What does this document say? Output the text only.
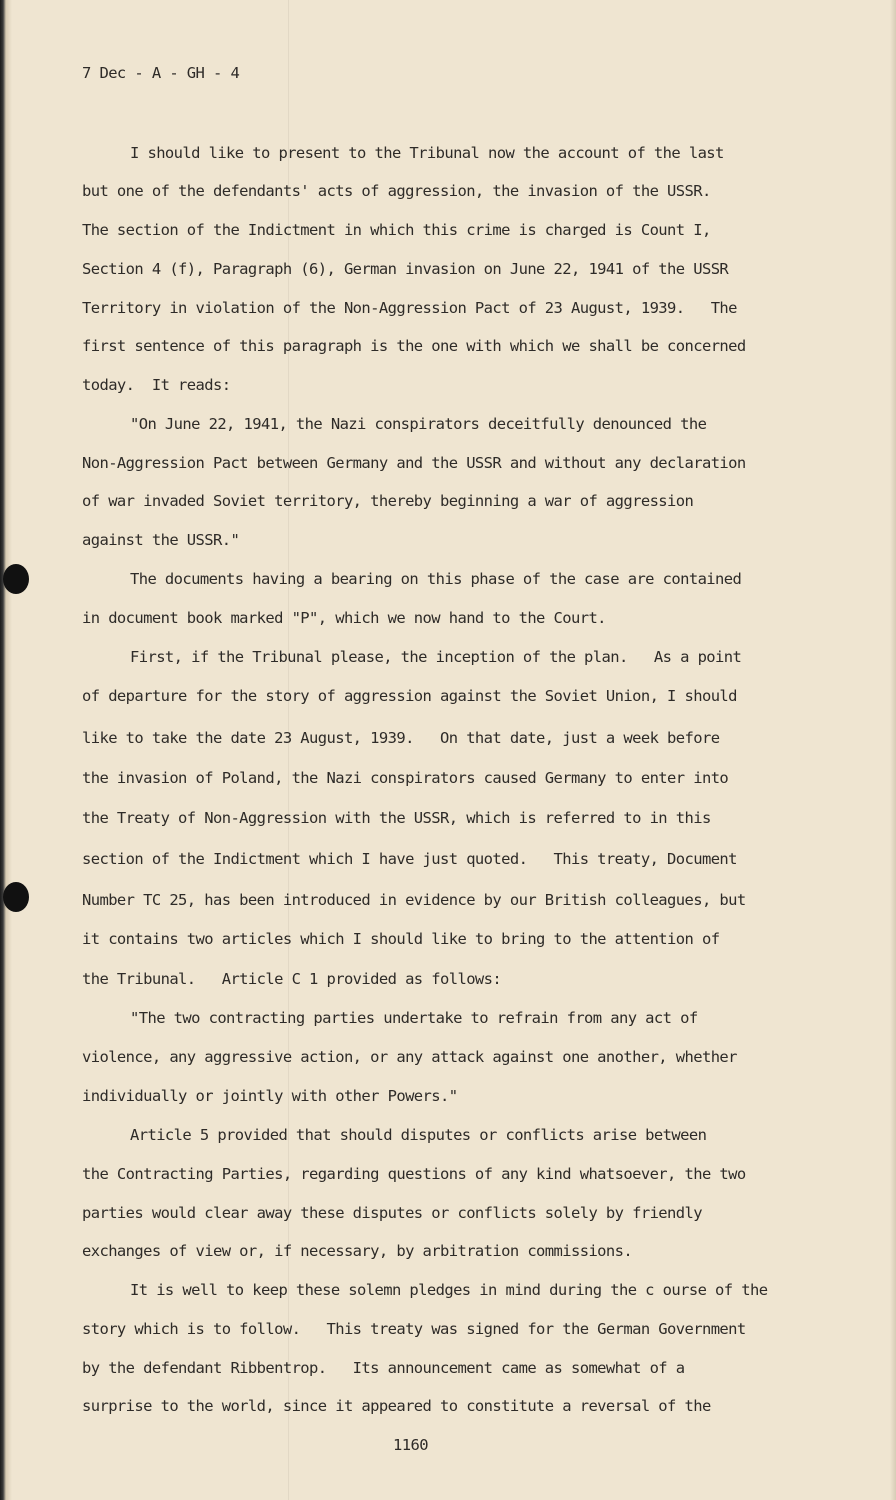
7 Dec - A - GH - 4

I should like to present to the Tribunal now the account of the last

but one of the defendants' acts of aggression, the invasion of the USSR.

The section of the Indictment in which this crime is charged is Count I,

Section 4 (f), Paragraph (6), German invasion on June 22, 1941 of the USSR

Territory in violation of the Non-Aggression Pact of 23 August, 1939.   The

first sentence of this paragraph is the one with which we shall be concerned

today.  It reads:

"On June 22, 1941, the Nazi conspirators deceitfully denounced the

Non-Aggression Pact between Germany and the USSR and without any declaration

of war invaded Soviet territory, thereby beginning a war of aggression

against the USSR."

The documents having a bearing on this phase of the case are contained

in document book marked "P", which we now hand to the Court.

First, if the Tribunal please, the inception of the plan.   As a point

of departure for the story of aggression against the Soviet Union, I should

like to take the date 23 August, 1939.   On that date, just a week before

the invasion of Poland, the Nazi conspirators caused Germany to enter into

the Treaty of Non-Aggression with the USSR, which is referred to in this

section of the Indictment which I have just quoted.   This treaty, Document

Number TC 25, has been introduced in evidence by our British colleagues, but

it contains two articles which I should like to bring to the attention of

the Tribunal.   Article C 1 provided as follows:

"The two contracting parties undertake to refrain from any act of

violence, any aggressive action, or any attack against one another, whether

individually or jointly with other Powers."

Article 5 provided that should disputes or conflicts arise between

the Contracting Parties, regarding questions of any kind whatsoever, the two

parties would clear away these disputes or conflicts solely by friendly

exchanges of view or, if necessary, by arbitration commissions.

It is well to keep these solemn pledges in mind during the c ourse of the

story which is to follow.   This treaty was signed for the German Government

by the defendant Ribbentrop.   Its announcement came as somewhat of a

surprise to the world, since it appeared to constitute a reversal of the

1160
